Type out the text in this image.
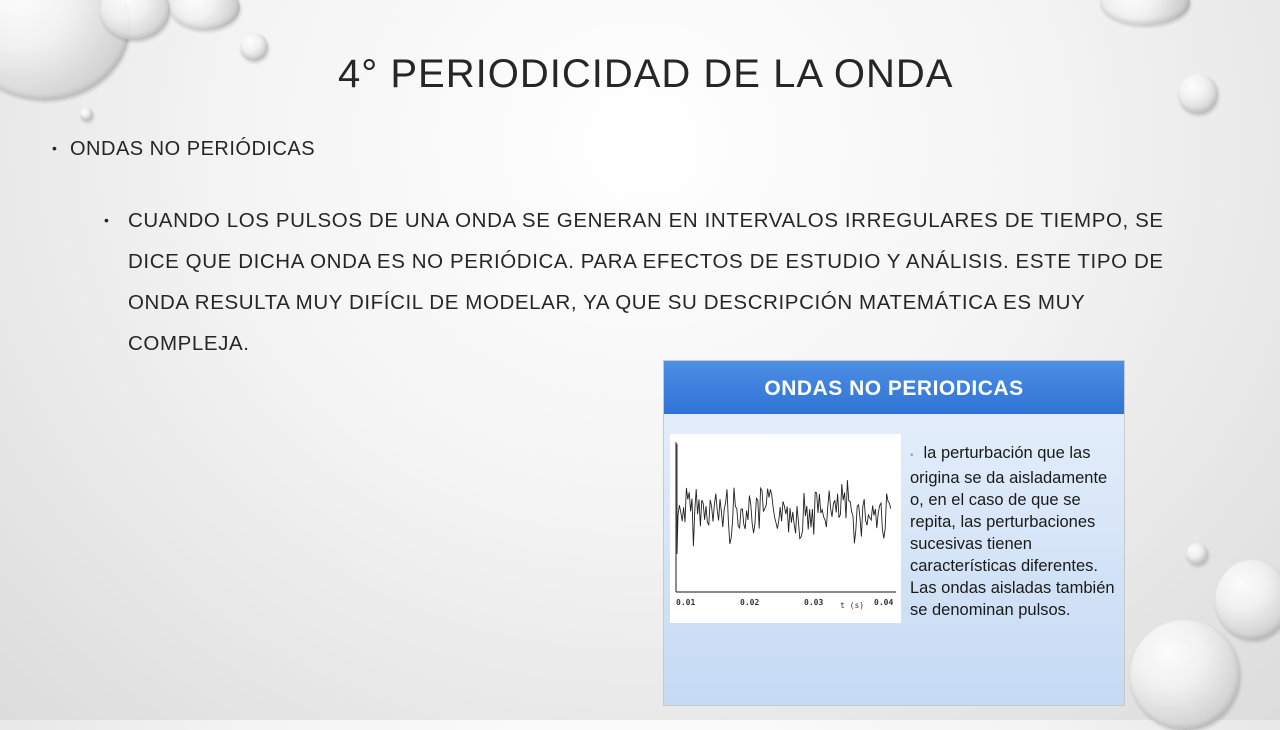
4° PERIODICIDAD DE LA ONDA
• ONDAS NO PERIÓDICAS
• CUANDO LOS PULSOS DE UNA ONDA SE GENERAN EN INTERVALOS IRREGULARES DE TIEMPO, SE DICE QUE DICHA ONDA ES NO PERIÓDICA. PARA EFECTOS DE ESTUDIO Y ANÁLISIS. ESTE TIPO DE ONDA RESULTA MUY DIFÍCIL DE MODELAR, YA QUE SU DESCRIPCIÓN MATEMÁTICA ES MUY COMPLEJA.
ONDAS NO PERIODICAS
0.01	0.02	0.03 t (s) 0.04
• la perturbación que las origina se da aisladamente o, en el caso de que se repita, las perturbaciones sucesivas tienen características diferentes. Las ondas aisladas también se denominan pulsos.
